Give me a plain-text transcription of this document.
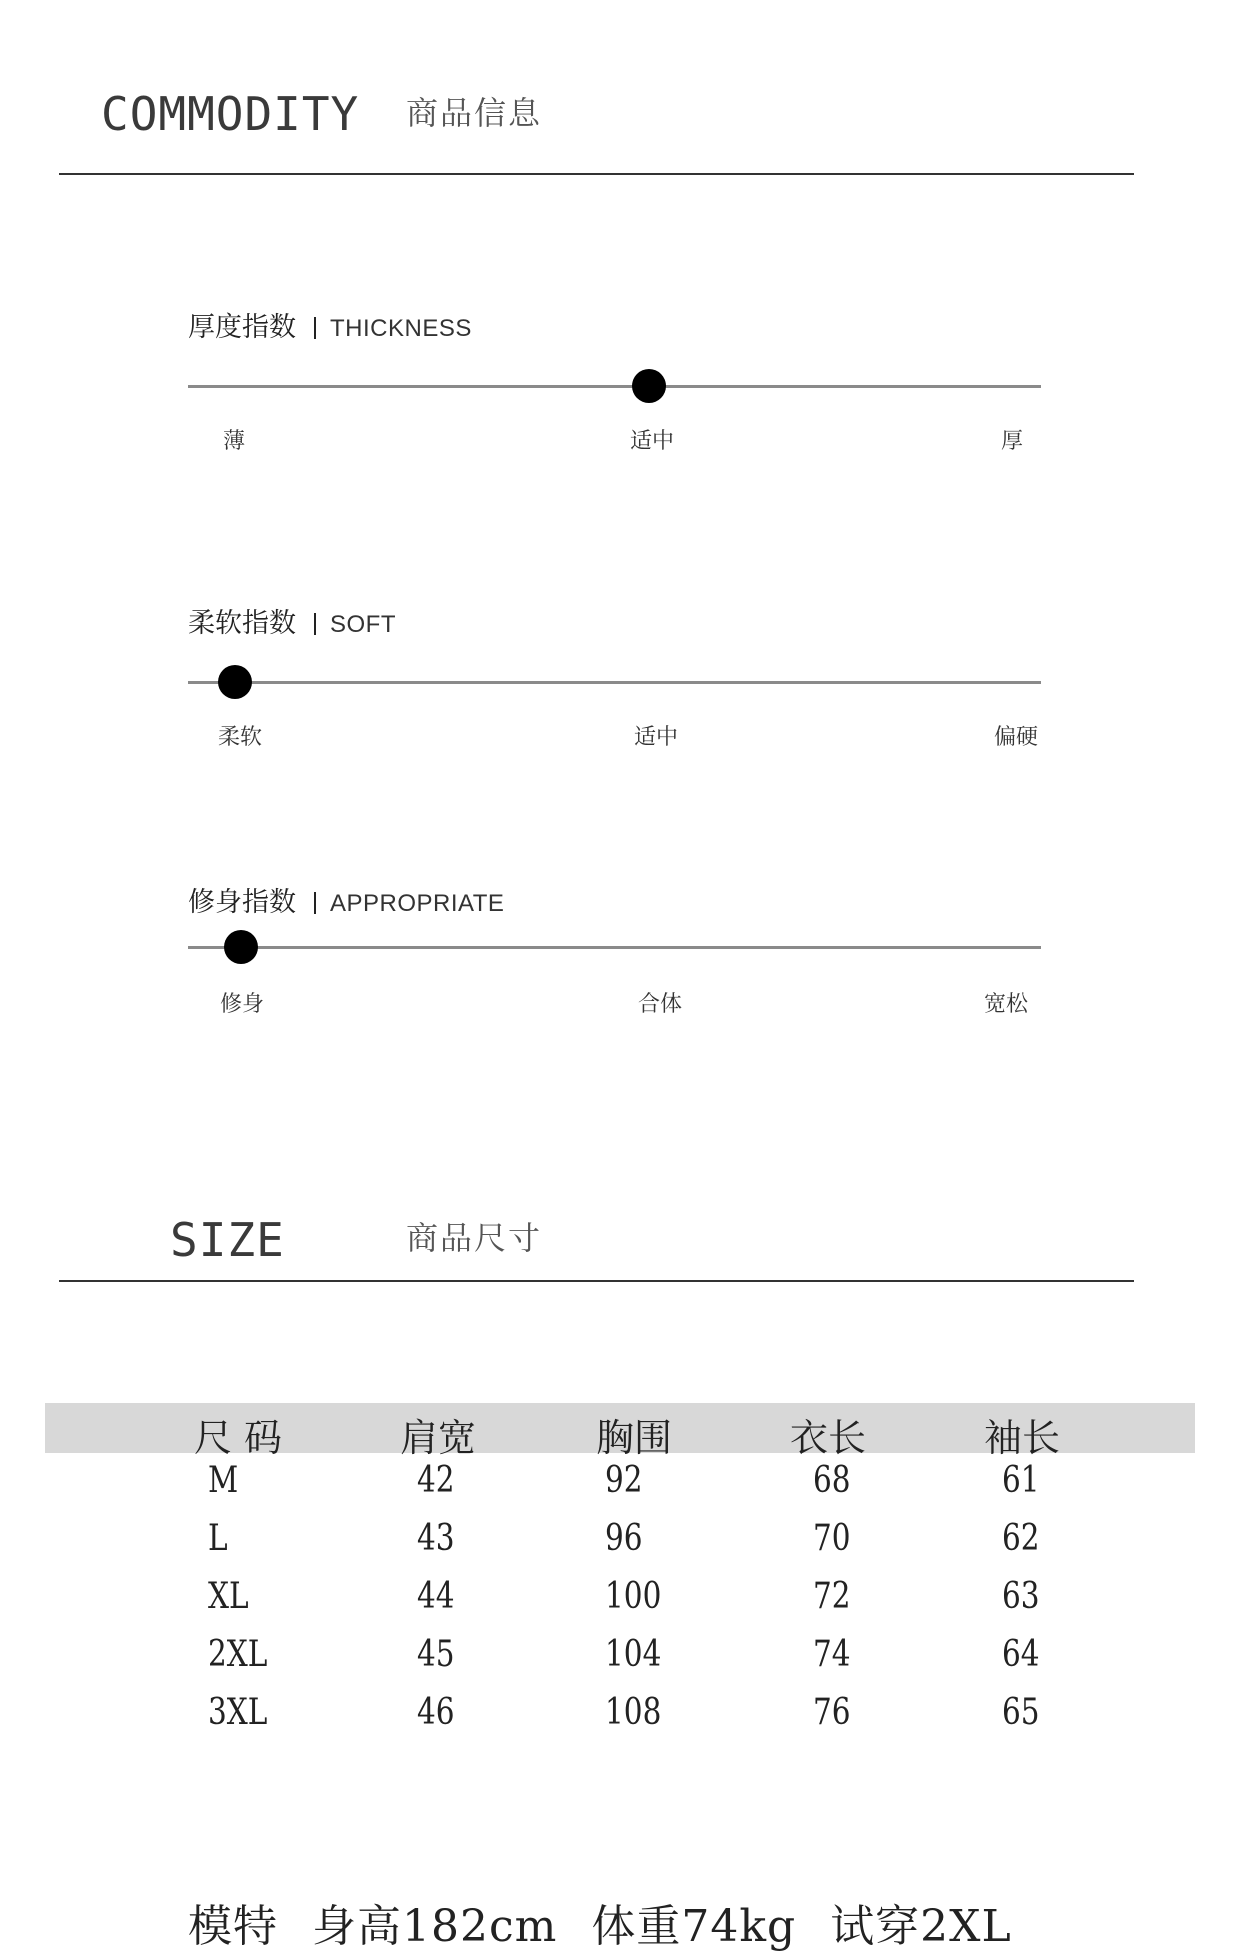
COMMODITY 商品信息
厚度指数 THICKNESS
薄	适中	厚
柔软指数 SOFT
柔软	适中	偏硬
修身指数 APPROPRIATE
修身	合体	宽松
SIZE	商品尺寸
尺 码	肩宽	胸围	衣长	袖长
M	42	92	68	61
L	43	96	70	62
XL	44	100	72	63
2XL	45	104	74	64
3XL	46	108	76	65
模特 身高182cm 体重74kg 试穿2XL
